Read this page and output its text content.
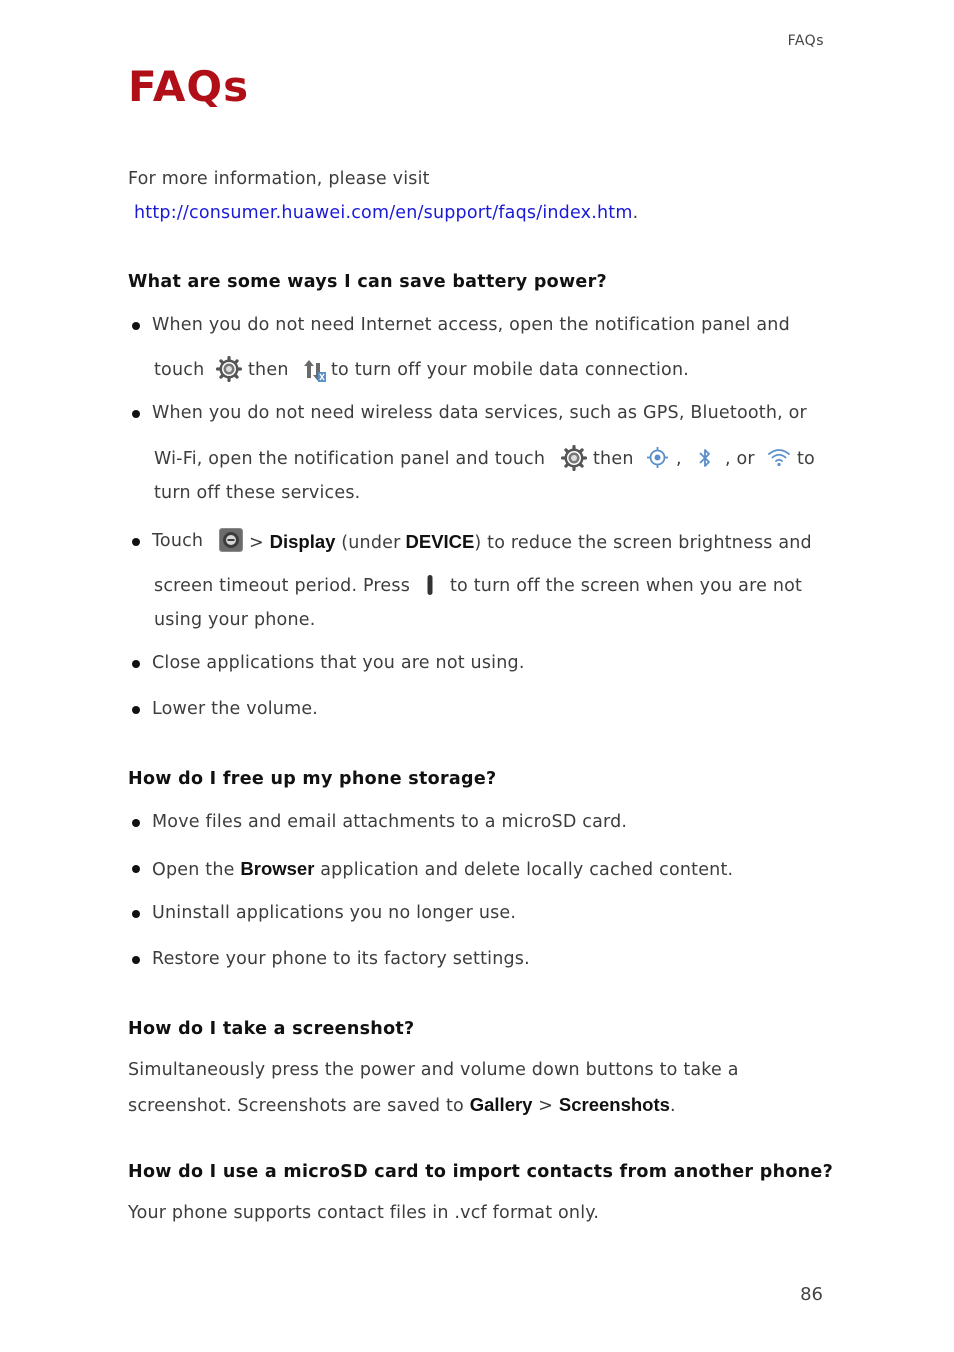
FAQs
FAQs
For more information, please visit
http://consumer.huawei.com/en/support/faqs/index.htm.
What are some ways I can save battery power?
When you do not need Internet access, open the notification panel and
touch then to turn off your mobile data connection.
When you do not need wireless data services, such as GPS, Bluetooth, or
Wi-Fi, open the notification panel and touch	then , , or to
turn off these services.
Touch	> Display (under DEVICE) to reduce the screen brightness and
screen timeout period. Press to turn off the screen when you are not
using your phone.
Close applications that you are not using.
Lower the volume.
How do I free up my phone storage?
Move files and email attachments to a microSD card.
Open the Browser application and delete locally cached content.
Uninstall applications you no longer use.
Restore your phone to its factory settings.
How do I take a screenshot?
Simultaneously press the power and volume down buttons to take a
screenshot. Screenshots are saved to Gallery > Screenshots.
How do I use a microSD card to import contacts from another phone?
Your phone supports contact files in .vcf format only.
86
